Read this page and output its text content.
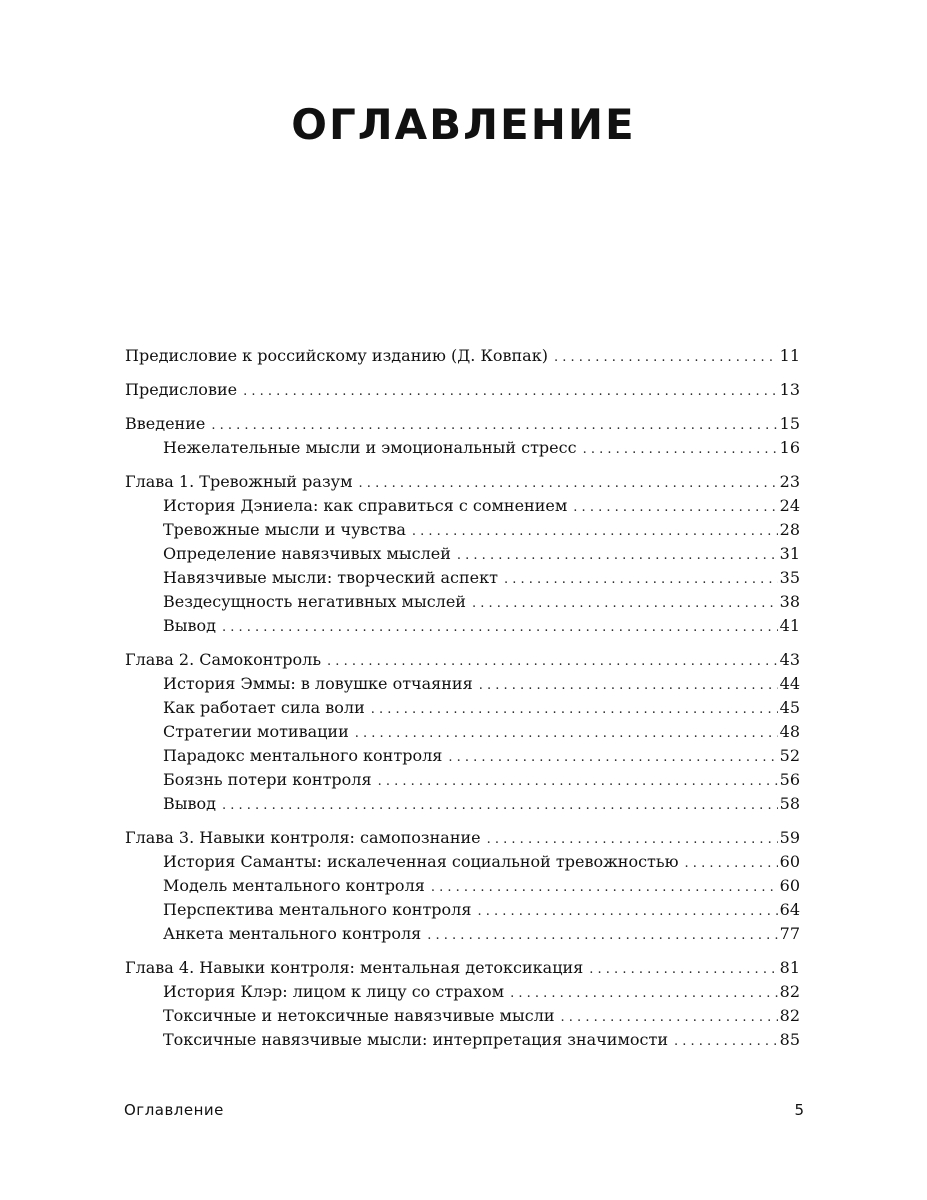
ОГЛАВЛЕНИЕ
Предисловие к российскому изданию (Д. Ковпак) . . .	11
Предисловие . . .	13
Введение . . .	15
Нежелательные мысли и эмоциональный стресс . . .	16
Глава 1. Тревожный разум . . .	23
История Дэниела: как справиться с сомнением . . .	24
Тревожные мысли и чувства . . .	28
Определение навязчивых мыслей . . .	31
Навязчивые мысли: творческий аспект . . .	35
Вездесущность негативных мыслей . . .	38
Вывод . . .	41
Глава 2. Самоконтроль . . .	43
История Эммы: в ловушке отчаяния . . .	44
Как работает сила воли . . .	45
Стратегии мотивации . . .	48
Парадокс ментального контроля . . .	52
Боязнь потери контроля . . .	56
Вывод . . .	58
Глава 3. Навыки контроля: самопознание . . .	59
История Саманты: искалеченная социальной тревожностью . . .	60
Модель ментального контроля . . .	60
Перспектива ментального контроля . . .	64
Анкета ментального контроля . . .	77
Глава 4. Навыки контроля: ментальная детоксикация . . .	81
История Клэр: лицом к лицу со страхом . . .	82
Токсичные и нетоксичные навязчивые мысли . . .	82
Токсичные навязчивые мысли: интерпретация значимости . . .	85
Оглавление	5
